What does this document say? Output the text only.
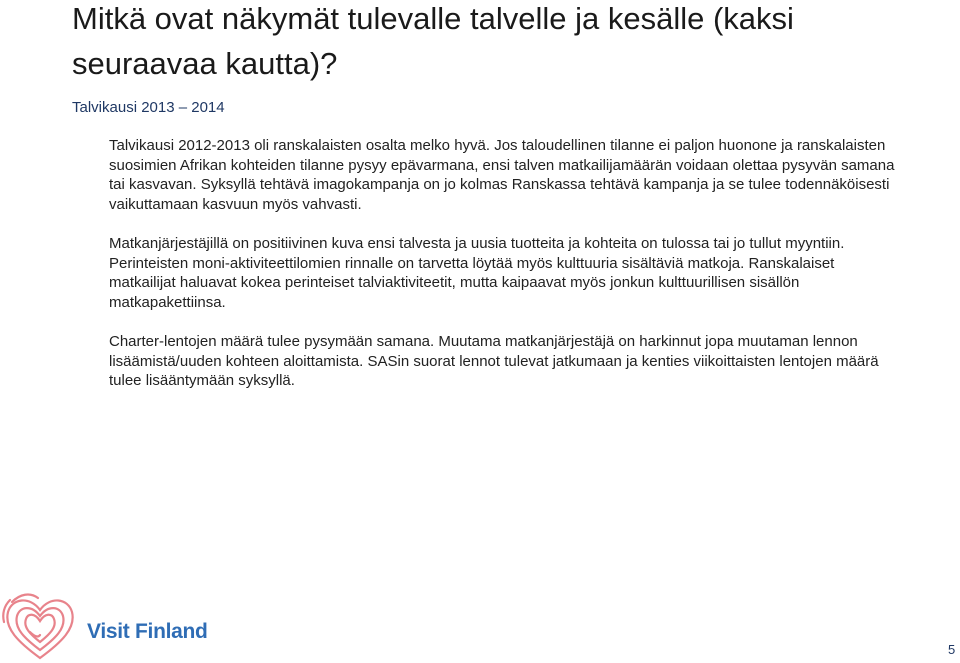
Mitkä ovat näkymät tulevalle talvelle ja kesälle (kaksi seuraavaa kautta)?
Talvikausi 2013 – 2014

Talvikausi 2012-2013 oli ranskalaisten osalta melko hyvä. Jos taloudellinen tilanne ei paljon huonone ja ranskalaisten suosimien Afrikan kohteiden tilanne pysyy epävarmana, ensi talven matkailijamäärän voidaan olettaa pysyvän samana tai kasvavan. Syksyllä tehtävä imagokampanja on jo kolmas Ranskassa tehtävä kampanja ja se tulee todennäköisesti vaikuttamaan kasvuun myös vahvasti.

Matkanjärjestäjillä on positiivinen kuva ensi talvesta ja uusia tuotteita ja kohteita on tulossa tai jo tullut myyntiin. Perinteisten moni-aktiviteettilomien rinnalle on tarvetta löytää myös kulttuuria sisältäviä matkoja. Ranskalaiset matkailijat haluavat kokea perinteiset talviaktiviteetit, mutta kaipaavat myös jonkun kulttuurillisen sisällön matkapakettiinsa.

Charter-lentojen määrä tulee pysymään samana. Muutama matkanjärjestäjä on harkinnut jopa muutaman lennon lisäämistä/uuden kohteen aloittamista. SASin suorat lennot tulevat jatkumaan ja kenties viikoittaisten lentojen määrä tulee lisääntymään syksyllä.

Visit Finland
5
